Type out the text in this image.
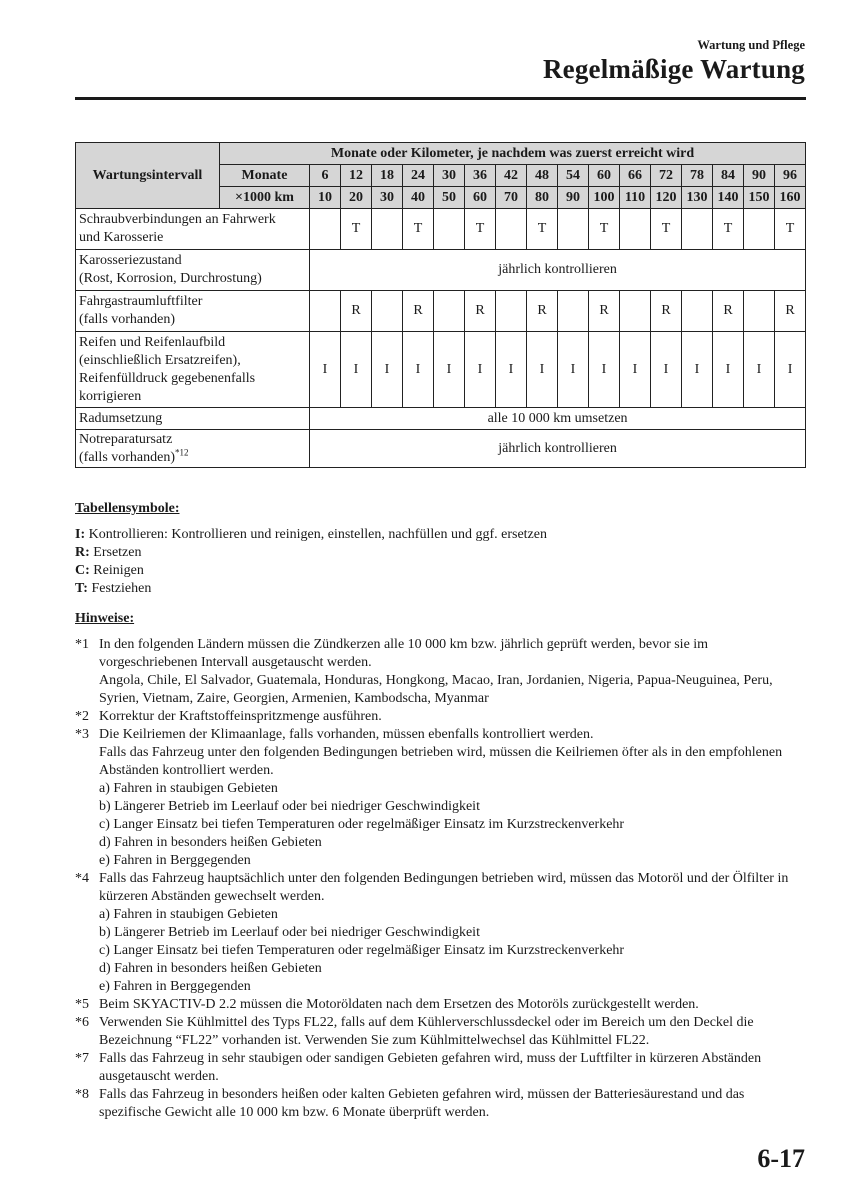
Wartung und Pflege
Regelmäßige Wartung
Wartungsintervall	Monate oder Kilometer, je nachdem was zuerst erreicht wird																
	Monate	6	12	18	24	30	36	42	48	54	60	66	72	78	84	90	96
	×1000 km	10	20	30	40	50	60	70	80	90	100	110	120	130	140	150	160

Schraubverbindungen an Fahrwerk
und Karosserie			T		T		T		T		T		T		T		T

Karosseriezustand
(Rost, Korrosion, Durchrostung)		jährlich kontrollieren															

Fahrgastraumluftfilter
(falls vorhanden)			R		R		R		R		R		R		R		R

Reifen und Reifenlaufbild
(einschließlich Ersatzreifen),
Reifenfülldruck gegebenenfalls
korrigieren		I	I	I	I	I	I	I	I	I	I	I	I	I	I	I	I

Radumsetzung		alle 10 000 km umsetzen															

Notreparatursatz
(falls vorhanden)$^{*12}$		jährlich kontrollieren															
Tabellensymbole:
I: Kontrollieren: Kontrollieren und reinigen, einstellen, nachfüllen und ggf. ersetzen
R: Ersetzen
C: Reinigen
T: Festziehen
Hinweise:
*1 In den folgenden Ländern müssen die Zündkerzen alle 10 000 km bzw. jährlich geprüft werden, bevor sie im vorgeschriebenen Intervall ausgetauscht werden.
Angola, Chile, El Salvador, Guatemala, Honduras, Hongkong, Macao, Iran, Jordanien, Nigeria, Papua-Neuguinea, Peru, Syrien, Vietnam, Zaire, Georgien, Armenien, Kambodscha, Myanmar
*2 Korrektur der Kraftstoffeinspritzmenge ausführen.
*3 Die Keilriemen der Klimaanlage, falls vorhanden, müssen ebenfalls kontrolliert werden.
Falls das Fahrzeug unter den folgenden Bedingungen betrieben wird, müssen die Keilriemen öfter als in den empfohlenen Abständen kontrolliert werden.
a) Fahren in staubigen Gebieten
b) Längerer Betrieb im Leerlauf oder bei niedriger Geschwindigkeit
c) Langer Einsatz bei tiefen Temperaturen oder regelmäßiger Einsatz im Kurzstreckenverkehr
d) Fahren in besonders heißen Gebieten
e) Fahren in Berggegenden
*4 Falls das Fahrzeug hauptsächlich unter den folgenden Bedingungen betrieben wird, müssen das Motoröl und der Ölfilter in kürzeren Abständen gewechselt werden.
a) Fahren in staubigen Gebieten
b) Längerer Betrieb im Leerlauf oder bei niedriger Geschwindigkeit
c) Langer Einsatz bei tiefen Temperaturen oder regelmäßiger Einsatz im Kurzstreckenverkehr
d) Fahren in besonders heißen Gebieten
e) Fahren in Berggegenden
*5 Beim SKYACTIV-D 2.2 müssen die Motoröldaten nach dem Ersetzen des Motoröls zurückgestellt werden.
*6 Verwenden Sie Kühlmittel des Typs FL22, falls auf dem Kühlerverschlussdeckel oder im Bereich um den Deckel die Bezeichnung “FL22” vorhanden ist. Verwenden Sie zum Kühlmittelwechsel das Kühlmittel FL22.
*7 Falls das Fahrzeug in sehr staubigen oder sandigen Gebieten gefahren wird, muss der Luftfilter in kürzeren Abständen ausgetauscht werden.
*8 Falls das Fahrzeug in besonders heißen oder kalten Gebieten gefahren wird, müssen der Batteriesäurestand und das spezifische Gewicht alle 10 000 km bzw. 6 Monate überprüft werden.
6-17
